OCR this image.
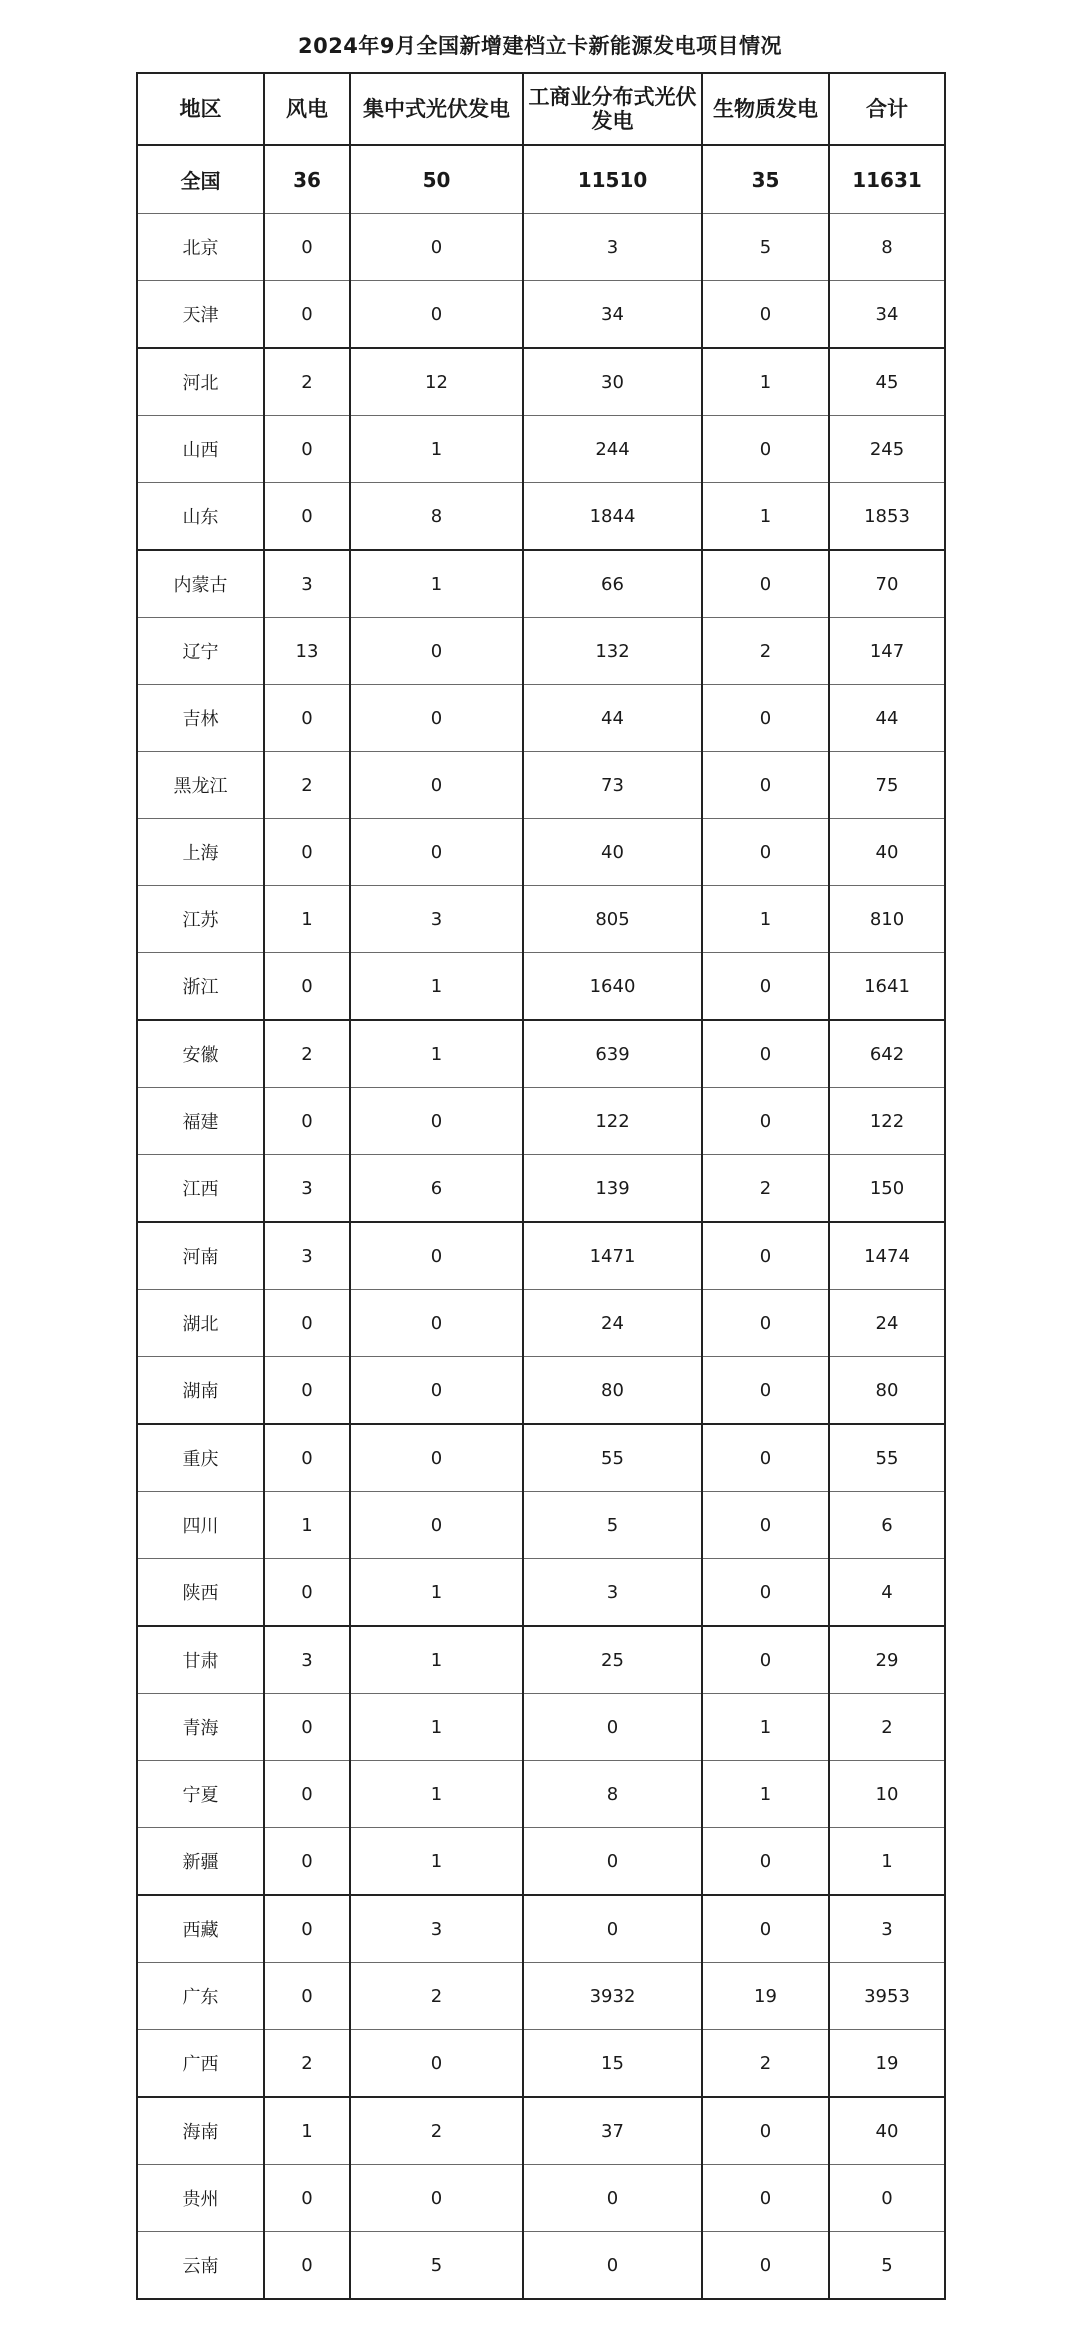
2024年9月全国新增建档立卡新能源发电项目情况
地区	风电	集中式光伏发电	工商业分布式光伏发电	生物质发电	合计
全国	36	50	11510	35	11631
北京	0	0	3	5	8
天津	0	0	34	0	34
河北	2	12	30	1	45
山西	0	1	244	0	245
山东	0	8	1844	1	1853
内蒙古	3	1	66	0	70
辽宁	13	0	132	2	147
吉林	0	0	44	0	44
黑龙江	2	0	73	0	75
上海	0	0	40	0	40
江苏	1	3	805	1	810
浙江	0	1	1640	0	1641
安徽	2	1	639	0	642
福建	0	0	122	0	122
江西	3	6	139	2	150
河南	3	0	1471	0	1474
湖北	0	0	24	0	24
湖南	0	0	80	0	80
重庆	0	0	55	0	55
四川	1	0	5	0	6
陕西	0	1	3	0	4
甘肃	3	1	25	0	29
青海	0	1	0	1	2
宁夏	0	1	8	1	10
新疆	0	1	0	0	1
西藏	0	3	0	0	3
广东	0	2	3932	19	3953
广西	2	0	15	2	19
海南	1	2	37	0	40
贵州	0	0	0	0	0
云南	0	5	0	0	5
